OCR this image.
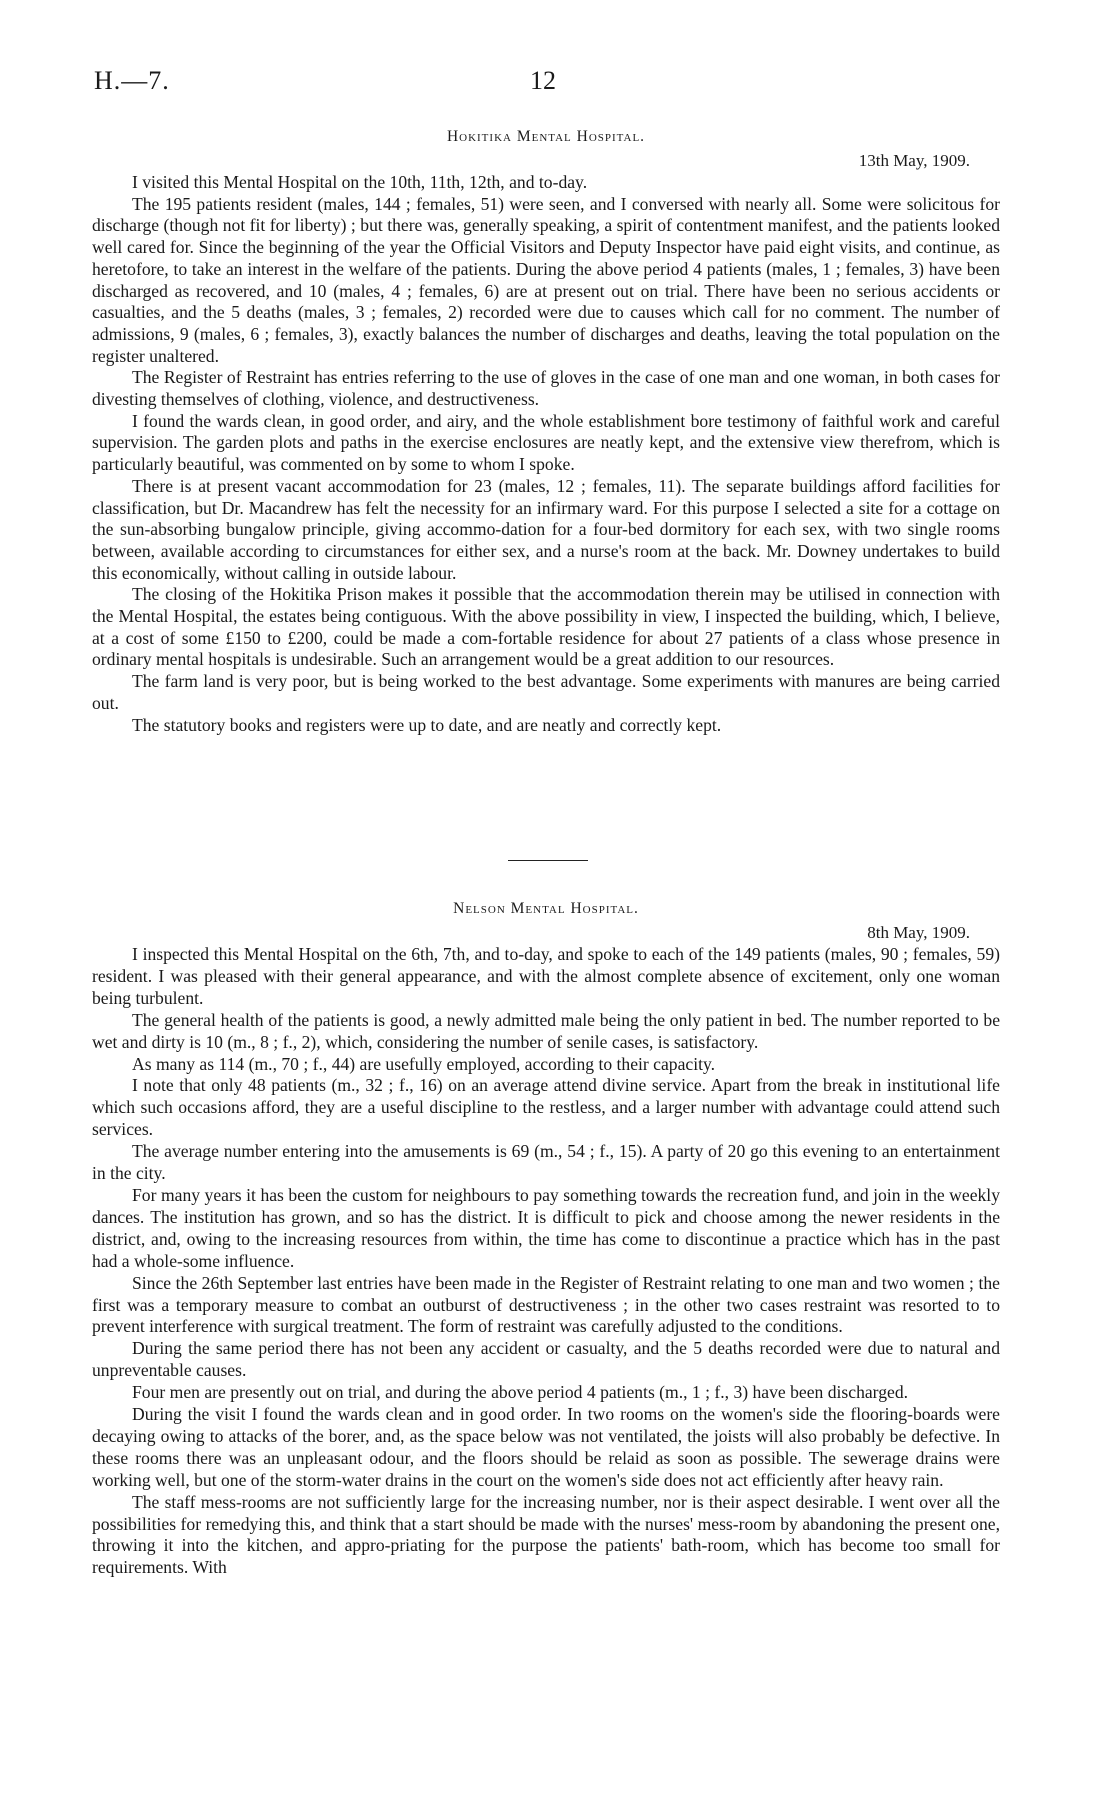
H.—7.	12

Hokitika Mental Hospital.

13th May, 1909.

I visited this Mental Hospital on the 10th, 11th, 12th, and to-day.

The 195 patients resident (males, 144 ; females, 51) were seen, and I conversed with nearly all. Some were solicitous for discharge (though not fit for liberty) ; but there was, generally speaking, a spirit of contentment manifest, and the patients looked well cared for. Since the beginning of the year the Official Visitors and Deputy Inspector have paid eight visits, and continue, as heretofore, to take an interest in the welfare of the patients. During the above period 4 patients (males, 1 ; females, 3) have been discharged as recovered, and 10 (males, 4 ; females, 6) are at present out on trial. There have been no serious accidents or casualties, and the 5 deaths (males, 3 ; females, 2) recorded were due to causes which call for no comment. The number of admissions, 9 (males, 6 ; females, 3), exactly balances the number of discharges and deaths, leaving the total population on the register unaltered.

The Register of Restraint has entries referring to the use of gloves in the case of one man and one woman, in both cases for divesting themselves of clothing, violence, and destructiveness.

I found the wards clean, in good order, and airy, and the whole establishment bore testimony of faithful work and careful supervision. The garden plots and paths in the exercise enclosures are neatly kept, and the extensive view therefrom, which is particularly beautiful, was commented on by some to whom I spoke.

There is at present vacant accommodation for 23 (males, 12 ; females, 11). The separate buildings afford facilities for classification, but Dr. Macandrew has felt the necessity for an infirmary ward. For this purpose I selected a site for a cottage on the sun-absorbing bungalow principle, giving accommo-dation for a four-bed dormitory for each sex, with two single rooms between, available according to circumstances for either sex, and a nurse's room at the back. Mr. Downey undertakes to build this economically, without calling in outside labour.

The closing of the Hokitika Prison makes it possible that the accommodation therein may be utilised in connection with the Mental Hospital, the estates being contiguous. With the above possibility in view, I inspected the building, which, I believe, at a cost of some £150 to £200, could be made a com-fortable residence for about 27 patients of a class whose presence in ordinary mental hospitals is undesirable. Such an arrangement would be a great addition to our resources.

The farm land is very poor, but is being worked to the best advantage. Some experiments with manures are being carried out.

The statutory books and registers were up to date, and are neatly and correctly kept.

Nelson Mental Hospital.

8th May, 1909.

I inspected this Mental Hospital on the 6th, 7th, and to-day, and spoke to each of the 149 patients (males, 90 ; females, 59) resident. I was pleased with their general appearance, and with the almost complete absence of excitement, only one woman being turbulent.

The general health of the patients is good, a newly admitted male being the only patient in bed. The number reported to be wet and dirty is 10 (m., 8 ; f., 2), which, considering the number of senile cases, is satisfactory.

As many as 114 (m., 70 ; f., 44) are usefully employed, according to their capacity.

I note that only 48 patients (m., 32 ; f., 16) on an average attend divine service. Apart from the break in institutional life which such occasions afford, they are a useful discipline to the restless, and a larger number with advantage could attend such services.

The average number entering into the amusements is 69 (m., 54 ; f., 15). A party of 20 go this evening to an entertainment in the city.

For many years it has been the custom for neighbours to pay something towards the recreation fund, and join in the weekly dances. The institution has grown, and so has the district. It is difficult to pick and choose among the newer residents in the district, and, owing to the increasing resources from within, the time has come to discontinue a practice which has in the past had a whole-some influence.

Since the 26th September last entries have been made in the Register of Restraint relating to one man and two women ; the first was a temporary measure to combat an outburst of destructiveness ; in the other two cases restraint was resorted to to prevent interference with surgical treatment. The form of restraint was carefully adjusted to the conditions.

During the same period there has not been any accident or casualty, and the 5 deaths recorded were due to natural and unpreventable causes.

Four men are presently out on trial, and during the above period 4 patients (m., 1 ; f., 3) have been discharged.

During the visit I found the wards clean and in good order. In two rooms on the women's side the flooring-boards were decaying owing to attacks of the borer, and, as the space below was not ventilated, the joists will also probably be defective. In these rooms there was an unpleasant odour, and the floors should be relaid as soon as possible. The sewerage drains were working well, but one of the storm-water drains in the court on the women's side does not act efficiently after heavy rain.

The staff mess-rooms are not sufficiently large for the increasing number, nor is their aspect desirable. I went over all the possibilities for remedying this, and think that a start should be made with the nurses' mess-room by abandoning the present one, throwing it into the kitchen, and appro-priating for the purpose the patients' bath-room, which has become too small for requirements. With
